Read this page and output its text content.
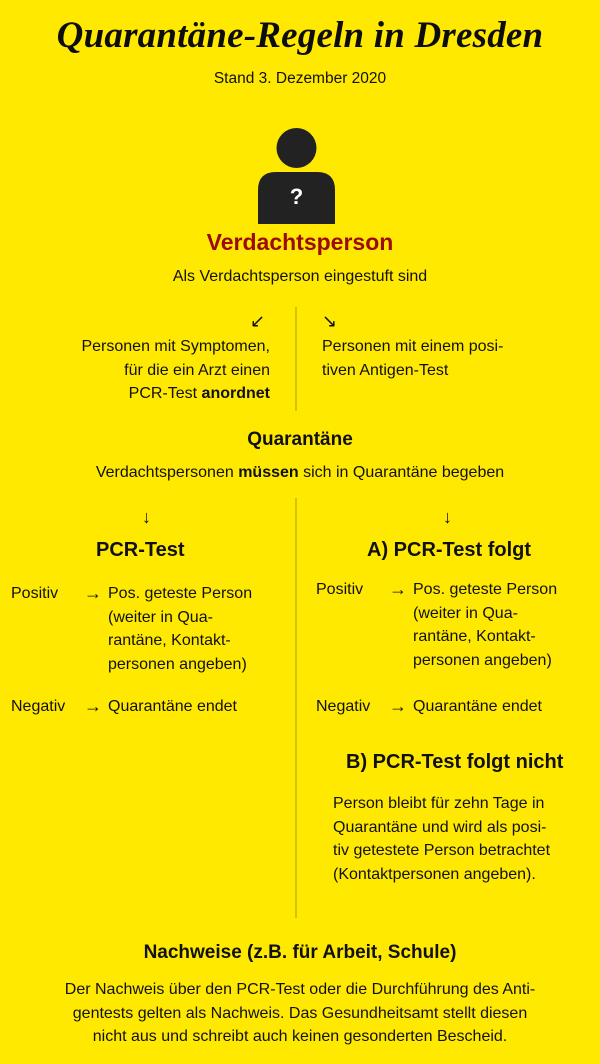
Quarantäne-Regeln in Dresden
Stand 3. Dezember 2020
?
Verdachtsperson
Als Verdachtsperson eingestuft sind
↙	↘
Personen mit Symptomen,
für die ein Arzt einen
PCR-Test anordnet
Personen mit einem posi-
tiven Antigen-Test
Quarantäne
Verdachtspersonen müssen sich in Quarantäne begeben
↓
PCR-Test
Positiv	→ Pos. geteste Person
(weiter in Qua-
rantäne, Kontakt-
personen angeben)
Negativ	→ Quarantäne endet
↓
A) PCR-Test folgt
Positiv	→ Pos. geteste Person
(weiter in Qua-
rantäne, Kontakt-
personen angeben)
Negativ	→ Quarantäne endet
B) PCR-Test folgt nicht
Person bleibt für zehn Tage in
Quarantäne und wird als posi-
tiv getestete Person betrachtet
(Kontaktpersonen angeben).
Nachweise (z.B. für Arbeit, Schule)
Der Nachweis über den PCR-Test oder die Durchführung des Anti-
gentests gelten als Nachweis. Das Gesundheitsamt stellt diesen
nicht aus und schreibt auch keinen gesonderten Bescheid.
